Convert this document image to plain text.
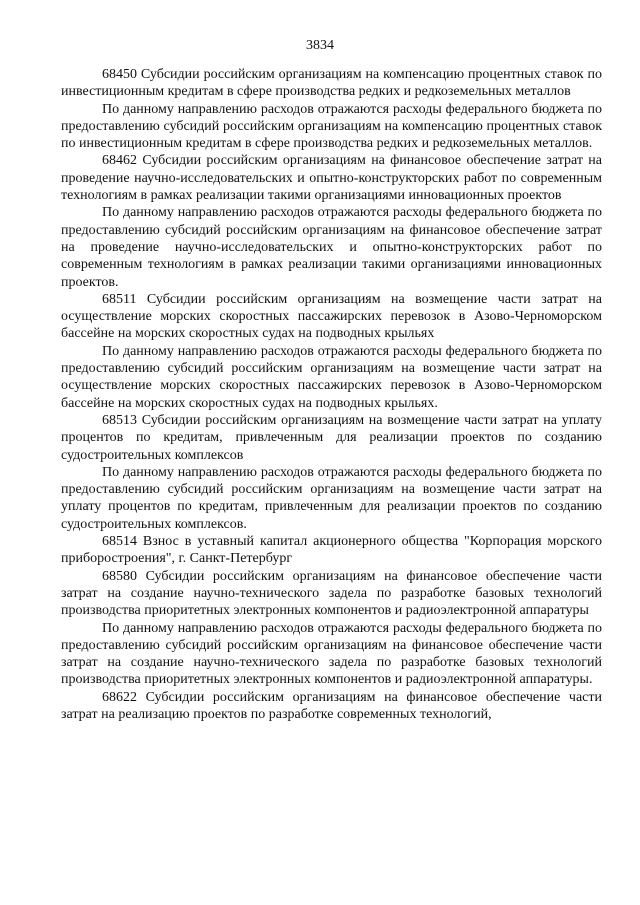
3834

68450 Субсидии российским организациям на компенсацию процентных ставок по инвестиционным кредитам в сфере производства редких и редкоземельных металлов

По данному направлению расходов отражаются расходы федерального бюджета по предоставлению субсидий российским организациям на компенсацию процентных ставок по инвестиционным кредитам в сфере производства редких и редкоземельных металлов.

68462 Субсидии российским организациям на финансовое обеспечение затрат на проведение научно-исследовательских и опытно-конструкторских работ по современным технологиям в рамках реализации такими организациями инновационных проектов

По данному направлению расходов отражаются расходы федерального бюджета по предоставлению субсидий российским организациям на финансовое обеспечение затрат на проведение научно-исследовательских и опытно-конструкторских работ по современным технологиям в рамках реализации такими организациями инновационных проектов.

68511 Субсидии российским организациям на возмещение части затрат на осуществление морских скоростных пассажирских перевозок в Азово-Черноморском бассейне на морских скоростных судах на подводных крыльях

По данному направлению расходов отражаются расходы федерального бюджета по предоставлению субсидий российским организациям на возмещение части затрат на осуществление морских скоростных пассажирских перевозок в Азово-Черноморском бассейне на морских скоростных судах на подводных крыльях.

68513 Субсидии российским организациям на возмещение части затрат на уплату процентов по кредитам, привлеченным для реализации проектов по созданию судостроительных комплексов

По данному направлению расходов отражаются расходы федерального бюджета по предоставлению субсидий российским организациям на возмещение части затрат на уплату процентов по кредитам, привлеченным для реализации проектов по созданию судостроительных комплексов.

68514 Взнос в уставный капитал акционерного общества "Корпорация морского приборостроения", г. Санкт-Петербург

68580 Субсидии российским организациям на финансовое обеспечение части затрат на создание научно-технического задела по разработке базовых технологий производства приоритетных электронных компонентов и радиоэлектронной аппаратуры

По данному направлению расходов отражаются расходы федерального бюджета по предоставлению субсидий российским организациям на финансовое обеспечение части затрат на создание научно-технического задела по разработке базовых технологий производства приоритетных электронных компонентов и радиоэлектронной аппаратуры.

68622 Субсидии российским организациям на финансовое обеспечение части затрат на реализацию проектов по разработке современных технологий,
